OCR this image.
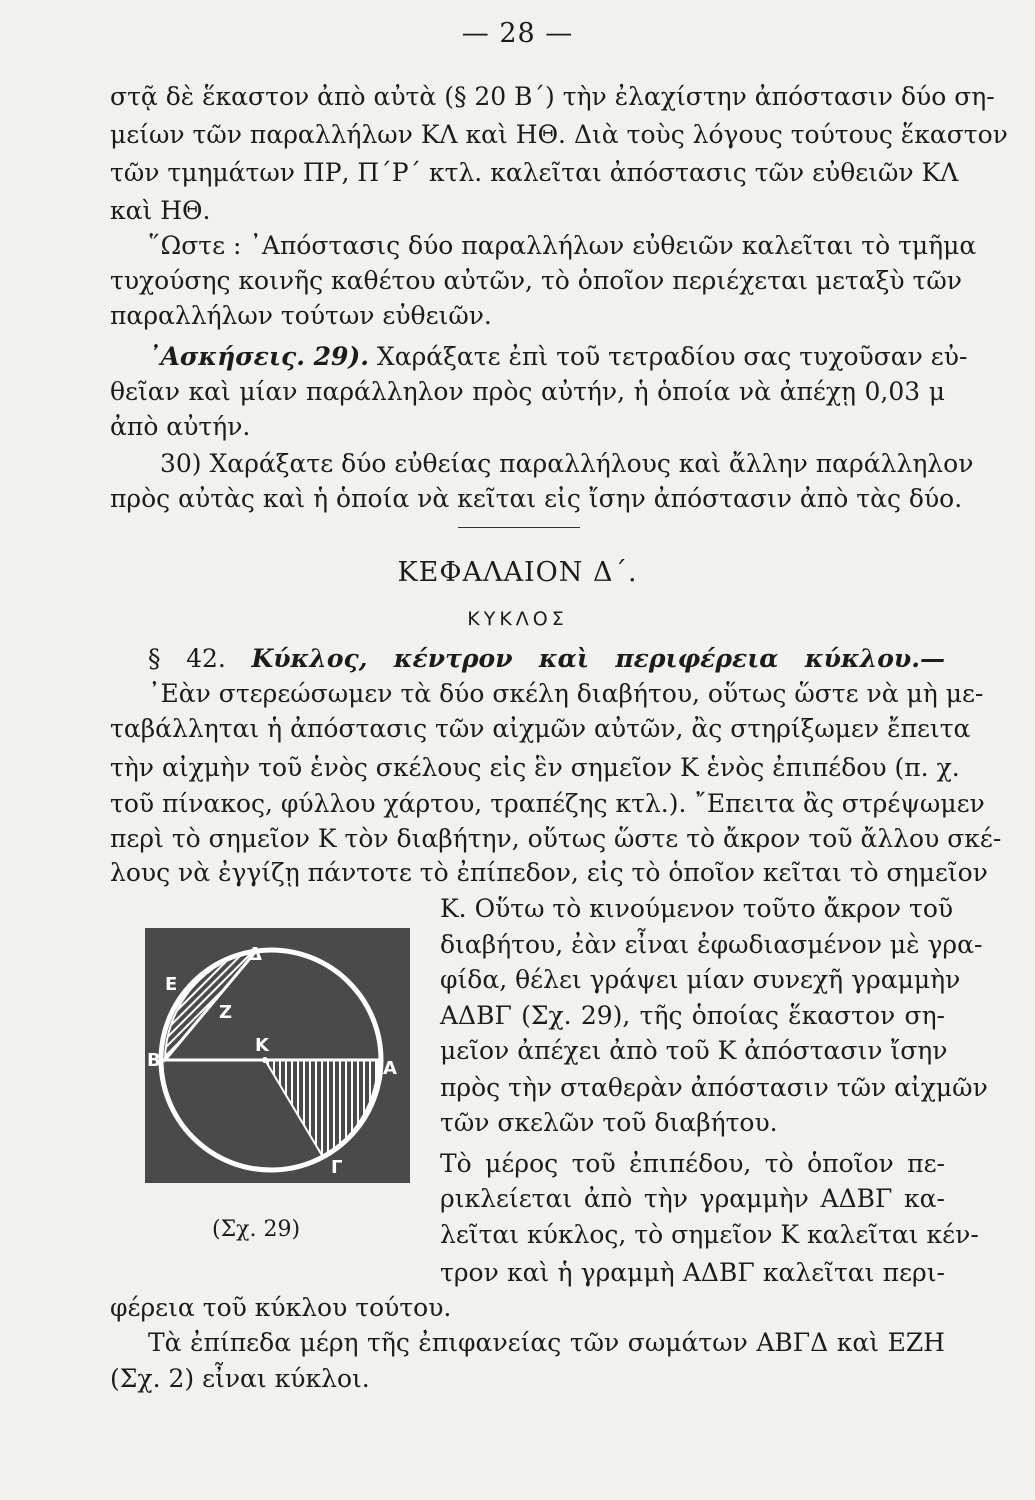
— 28 —
στᾷ δὲ ἕκαστον ἀπὸ αὐτὰ (§ 20 Β΄) τὴν ἐλαχίστην ἀπόστασιν δύο ση-
μείων τῶν παραλλήλων ΚΛ καὶ ΗΘ. Διὰ τοὺς λόγους τούτους ἕκαστον
τῶν τμημάτων ΠΡ, Π΄Ρ΄ κτλ. καλεῖται ἀπόστασις τῶν εὐθειῶν ΚΛ
καὶ ΗΘ.
῞Ωστε : ᾿Απόστασις δύο παραλλήλων εὐθειῶν καλεῖται τὸ τμῆμα
τυχούσης κοινῆς καθέτου αὐτῶν, τὸ ὁποῖον περιέχεται μεταξὺ τῶν
παραλλήλων τούτων εὐθειῶν.
᾿Ασκήσεις. 29). Χαράξατε ἐπὶ τοῦ τετραδίου σας τυχοῦσαν εὐ-
θεῖαν καὶ μίαν παράλληλον πρὸς αὐτήν, ἡ ὁποία νὰ ἀπέχῃ 0,03 μ
ἀπὸ αὐτήν.
30) Χαράξατε δύο εὐθείας παραλλήλους καὶ ἄλλην παράλληλον
πρὸς αὐτὰς καὶ ἡ ὁποία νὰ κεῖται εἰς ἴσην ἀπόστασιν ἀπὸ τὰς δύο.
ΚΕΦΑΛΑΙΟΝ Δ΄.
ΚΥΚΛΟΣ
§ 42. Κύκλος, κέντρον καὶ περιφέρεια κύκλου.—
᾿Εὰν στερεώσωμεν τὰ δύο σκέλη διαβήτου, οὕτως ὥστε νὰ μὴ με-
ταβάλληται ἡ ἀπόστασις τῶν αἰχμῶν αὐτῶν, ἂς στηρίξωμεν ἔπειτα
τὴν αἰχμὴν τοῦ ἑνὸς σκέλους εἰς ἓν σημεῖον Κ ἑνὸς ἐπιπέδου (π. χ.
τοῦ πίνακος, φύλλου χάρτου, τραπέζης κτλ.). ῎Επειτα ἂς στρέψωμεν
περὶ τὸ σημεῖον Κ τὸν διαβήτην, οὕτως ὥστε τὸ ἄκρον τοῦ ἄλλου σκέ-
λους νὰ ἐγγίζῃ πάντοτε τὸ ἐπίπεδον, εἰς τὸ ὁποῖον κεῖται τὸ σημεῖον
Κ. Οὕτω τὸ κινούμενον τοῦτο ἄκρον τοῦ
διαβήτου, ἐὰν εἶναι ἐφωδιασμένον μὲ γρα-
φίδα, θέλει γράψει μίαν συνεχῆ γραμμὴν
ΑΔΒΓ (Σχ. 29), τῆς ὁποίας ἕκαστον ση-
μεῖον ἀπέχει ἀπὸ τοῦ Κ ἀπόστασιν ἴσην
πρὸς τὴν σταθερὰν ἀπόστασιν τῶν αἰχμῶν
τῶν σκελῶν τοῦ διαβήτου.
Δ
Ε
Ζ
Κ
Β	Α
Γ
(Σχ. 29)
Τὸ μέρος τοῦ ἐπιπέδου, τὸ ὁποῖον πε-
ρικλείεται ἀπὸ τὴν γραμμὴν ΑΔΒΓ κα-
λεῖται κύκλος, τὸ σημεῖον Κ καλεῖται κέν-
τρον καὶ ἡ γραμμὴ ΑΔΒΓ καλεῖται περι-
φέρεια τοῦ κύκλου τούτου.
Τὰ ἐπίπεδα μέρη τῆς ἐπιφανείας τῶν σωμάτων ΑΒΓΔ καὶ ΕΖΗ
(Σχ. 2) εἶναι κύκλοι.
